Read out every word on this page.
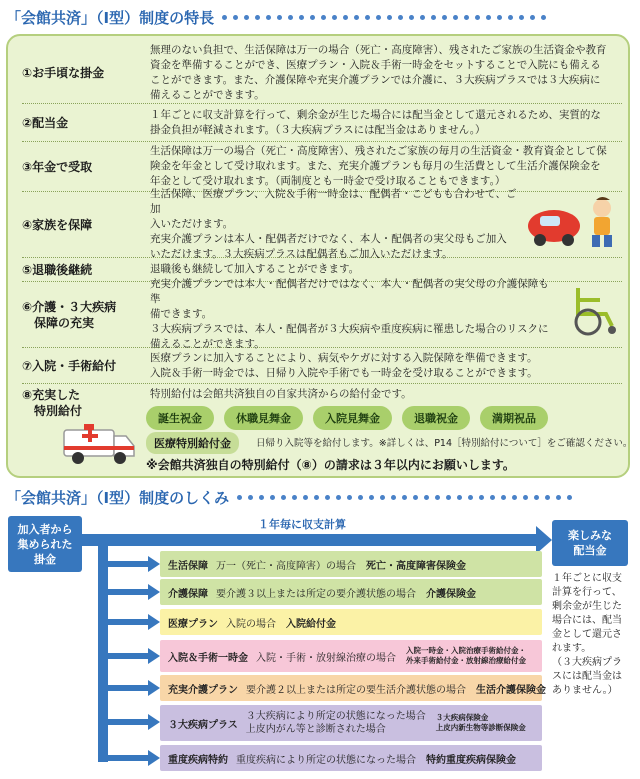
「会館共済」（Ⅰ型）制度の特長
①お手頃な掛金
無理のない負担で、生活保障は万一の場合（死亡・高度障害）、残されたご家族の生活資金や教育
資金を準備することができ、医療プラン・入院＆手術一時金をセットすることで入院にも備える
ことができます。また、介護保障や充実介護プランでは介護に、３大疾病プラスでは３大疾病に
備えることができます。
②配当金
１年ごとに収支計算を行って、剰余金が生じた場合には配当金として還元されるため、実質的な
掛金負担が軽減されます。（３大疾病プラスには配当金はありません。）
③年金で受取
生活保障は万一の場合（死亡・高度障害）、残されたご家族の毎月の生活資金・教育資金として保
険金を年金として受け取れます。また、充実介護プランも毎月の生活費として生活介護保険金を
年金として受け取れます。（両制度とも一時金で受け取ることもできます。）
④家族を保障
生活保障、医療プラン、入院＆手術一時金は、配偶者・こどもも合わせて、ご加
入いただけます。
充実介護プランは本人・配偶者だけでなく、本人・配偶者の実父母もご加入
いただけます。３大疾病プラスは配偶者もご加入いただけます。
⑤退職後継続	退職後も継続して加入することができます。
⑥介護・３大疾病
　保障の充実
充実介護プランでは本人・配偶者だけではなく、本人・配偶者の実父母の介護保障も準
備できます。
３大疾病プラスでは、本人・配偶者が３大疾病や重度疾病に罹患した場合のリスクに
備えることができます。
⑦入院・手術給付
医療プランに加入することにより、病気やケガに対する入院保障を準備できます。
入院＆手術一時金では、日帰り入院や手術でも一時金を受け取ることができます。
⑧充実した
　特別給付
特別給付は会館共済独自の自家共済からの給付金です。
誕生祝金	休職見舞金	入院見舞金	退職祝金	満期祝品
医療特別給付金	日帰り入院等を給付します。※詳しくは、P14［特別給付について］をご確認ください。
※会館共済独自の特別給付（⑧）の請求は３年以内にお願いします。
「会館共済」（Ⅰ型）制度のしくみ
加入者から
集められた
掛金
１年毎に収支計算
楽しみな
配当金
１年ごとに収支
計算を行って、
剰余金が生じた
場合には、配当
金として還元さ
れます。
（３大疾病プラ
スには配当金は
ありません。）
生活保障 万一（死亡・高度障害）の場合 死亡・高度障害保険金
介護保障 要介護３以上または所定の要介護状態の場合 介護保険金
医療プラン 入院の場合 入院給付金
入院＆手術一時金 入院・手術・放射線治療の場合
入院一時金・入院治療手術給付金・
外来手術給付金・放射線治療給付金
充実介護プラン 要介護２以上または所定の要生活介護状態の場合 生活介護保険金
３大疾病プラス
３大疾病により所定の状態になった場合
上皮内がん等と診断された場合
３大疾病保険金
上皮内新生物等診断保険金
重度疾病特約 重度疾病により所定の状態になった場合 特約重度疾病保険金
